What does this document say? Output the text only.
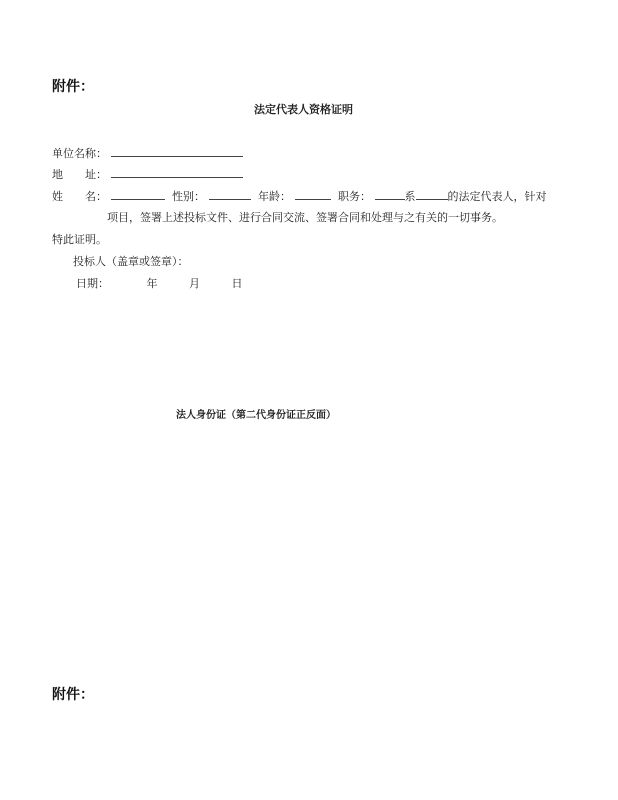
附件：
法定代表人资格证明
单位名称：
地　　址：
姓　　名：	性别：	年龄：	职务：	系	的法定代表人，针对
项目，签署上述投标文件、进行合同交流、签署合同和处理与之有关的一切事务。
特此证明。
投标人（盖章或签章）：
日期：	年	月	日
法人身份证（第二代身份证正反面）
附件：
